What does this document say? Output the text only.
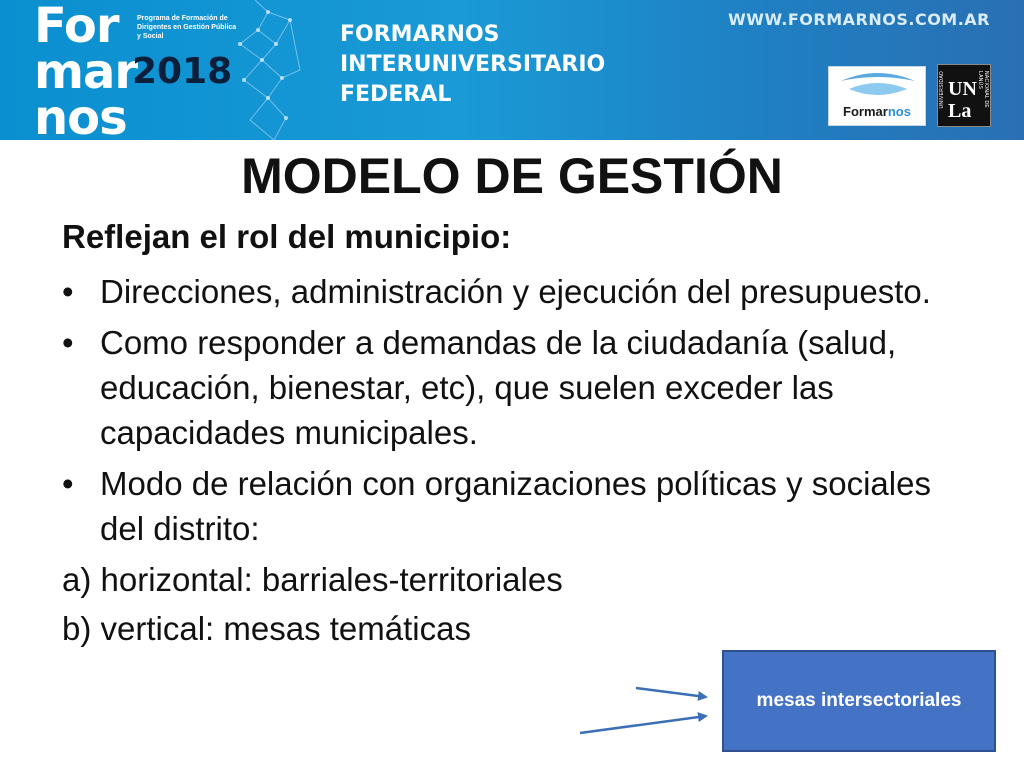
For
mar
nos
2018
Programa de Formación de Dirigentes en Gestión Pública y Social	FORMARNOS
INTERUNIVERSITARIO
FEDERAL
WWW.FORMARNOS.COM.AR
Formarnos
UNIVERSIDAD UN
La
NACIONAL DE LANÚS
MODELO DE GESTIÓN
Reflejan el rol del municipio:
• Direcciones, administración y ejecución del presupuesto.
• Como responder a demandas de la ciudadanía (salud, educación, bienestar, etc), que suelen exceder las capacidades municipales.
• Modo de relación con organizaciones políticas y sociales del distrito:
a) horizontal: barriales-territoriales
b) vertical: mesas temáticas
mesas intersectoriales
